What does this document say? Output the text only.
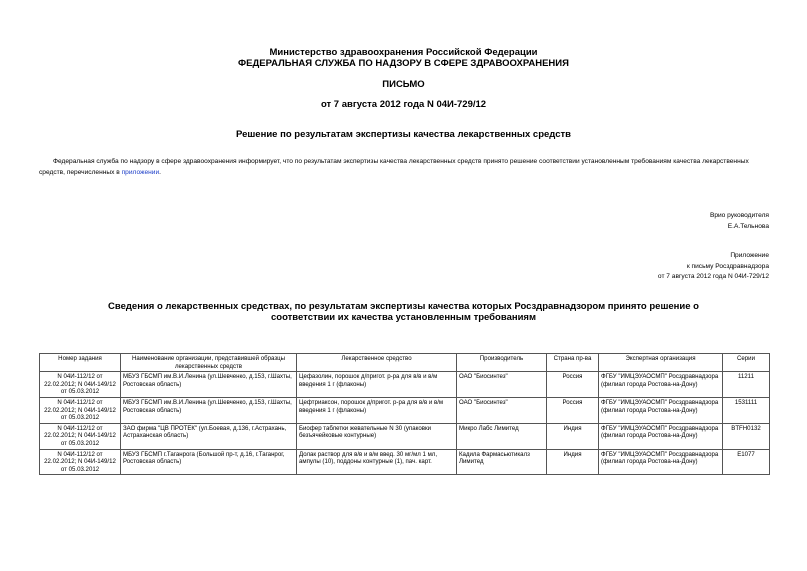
Министерство здравоохранения Российской Федерации
ФЕДЕРАЛЬНАЯ СЛУЖБА ПО НАДЗОРУ В СФЕРЕ ЗДРАВООХРАНЕНИЯ
ПИСЬМО
от 7 августа 2012 года N 04И-729/12
Решение по результатам экспертизы качества лекарственных средств
Федеральная служба по надзору в сфере здравоохранения информирует, что по результатам экспертизы качества лекарственных средств принято решение соответствии установленным требованиям качества лекарственных средств, перечисленных в приложении.
Врио руководителя
Е.А.Тельнова
Приложение
к письму Росздравнадзора
от 7 августа 2012 года N 04И-729/12
Сведения о лекарственных средствах, по результатам экспертизы качества которых Росздравнадзором принято решение о соответствии их качества установленным требованиям
Номер задания	Наименование организации, представившей образцы лекарственных средств	Лекарственное средство	Производитель	Страна пр-ва	Экспертная организация	Серии
N 04И-112/12 от 22.02.2012; N 04И-149/12 от 05.03.2012	МБУЗ ГБСМП им.В.И.Ленина (ул.Шевченко, д.153, г.Шахты, Ростовская область)	Цефазолин, порошок д/пригот. р-ра для в/в и в/м введения 1 г (флаконы)	ОАО "Биосинтез"	Россия	ФГБУ "ИМЦЭУАОСМП" Росздравнадзора (филиал города Ростова-на-Дону)	11211
N 04И-112/12 от 22.02.2012; N 04И-149/12 от 05.03.2012	МБУЗ ГБСМП им.В.И.Ленина (ул.Шевченко, д.153, г.Шахты, Ростовская область)	Цефтриаксон, порошок д/пригот. р-ра для в/в и в/м введения 1 г (флаконы)	ОАО "Биосинтез"	Россия	ФГБУ "ИМЦЭУАОСМП" Росздравнадзора (филиал города Ростова-на-Дону)	1531111
N 04И-112/12 от 22.02.2012; N 04И-149/12 от 05.03.2012	ЗАО фирма "ЦВ ПРОТЕК" (ул.Боевая, д.136, г.Астрахань, Астраханская область)	Биофер таблетки жевательные N 30 (упаковки безъячейковые контурные)	Микро Лабс Лимитед	Индия	ФГБУ "ИМЦЭУАОСМП" Росздравнадзора (филиал города Ростова-на-Дону)	BTFH0132
N 04И-112/12 от 22.02.2012; N 04И-149/12 от 05.03.2012	МБУЗ ГБСМП г.Таганрога (Большой пр-т, д.16, г.Таганрог, Ростовская область)	Долак раствор для в/в и в/м введ. 30 мг/мл 1 мл, ампулы (10), поддоны контурные (1), пач. карт.	Кадила Фармасьютикалз Лимитед	Индия	ФГБУ "ИМЦЭУАОСМП" Росздравнадзора (филиал города Ростова-на-Дону)	E1077
